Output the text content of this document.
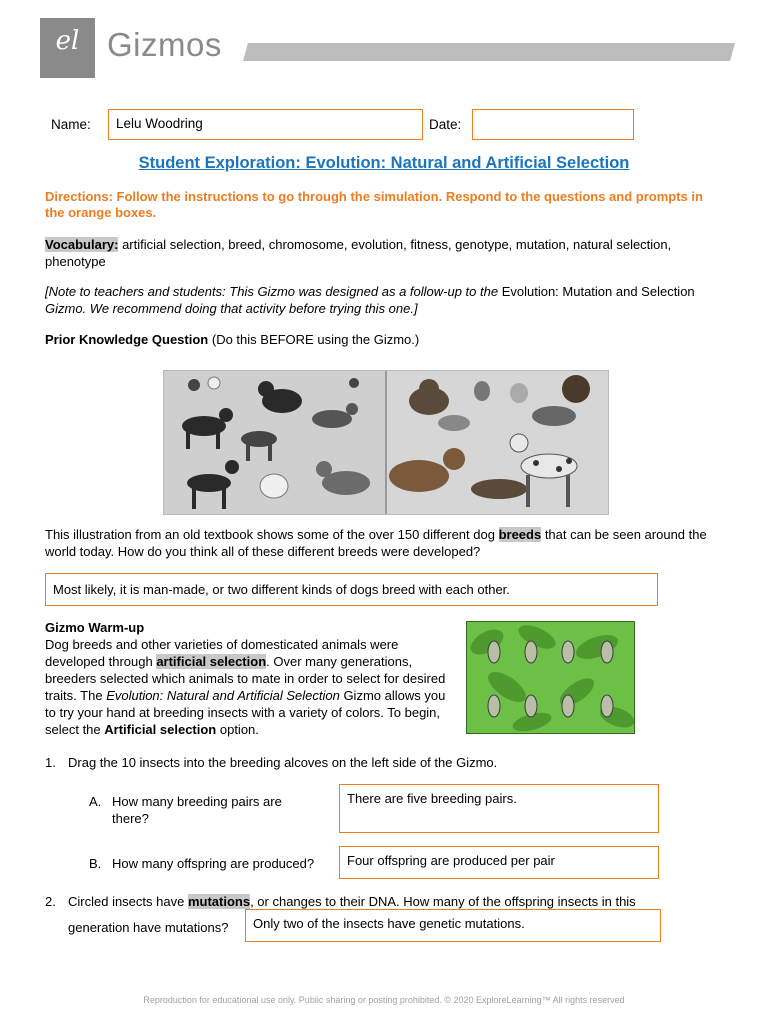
el Gizmos
Name:	Lelu Woodring	Date:
Student Exploration: Evolution: Natural and Artificial Selection
Directions: Follow the instructions to go through the simulation. Respond to the questions and prompts in the orange boxes.
Vocabulary: artificial selection, breed, chromosome, evolution, fitness, genotype, mutation, natural selection, phenotype
[Note to teachers and students: This Gizmo was designed as a follow-up to the Evolution: Mutation and Selection Gizmo. We recommend doing that activity before trying this one.]
Prior Knowledge Question (Do this BEFORE using the Gizmo.)
This illustration from an old textbook shows some of the over 150 different dog breeds that can be seen around the world today. How do you think all of these different breeds were developed?
Most likely, it is man-made, or two different kinds of dogs breed with each other.
Gizmo Warm-up
Dog breeds and other varieties of domesticated animals were developed through artificial selection. Over many generations, breeders selected which animals to mate in order to select for desired traits. The Evolution: Natural and Artificial Selection Gizmo allows you to try your hand at breeding insects with a variety of colors. To begin, select the Artificial selection option.
1. Drag the 10 insects into the breeding alcoves on the left side of the Gizmo.
A. How many breeding pairs are there?
There are five breeding pairs.
B. How many offspring are produced?	Four offspring are produced per pair
2. Circled insects have mutations, or changes to their DNA. How many of the offspring insects in this
generation have mutations?	Only two of the insects have genetic mutations.
Reproduction for educational use only. Public sharing or posting prohibited. © 2020 ExploreLearning™ All rights reserved
